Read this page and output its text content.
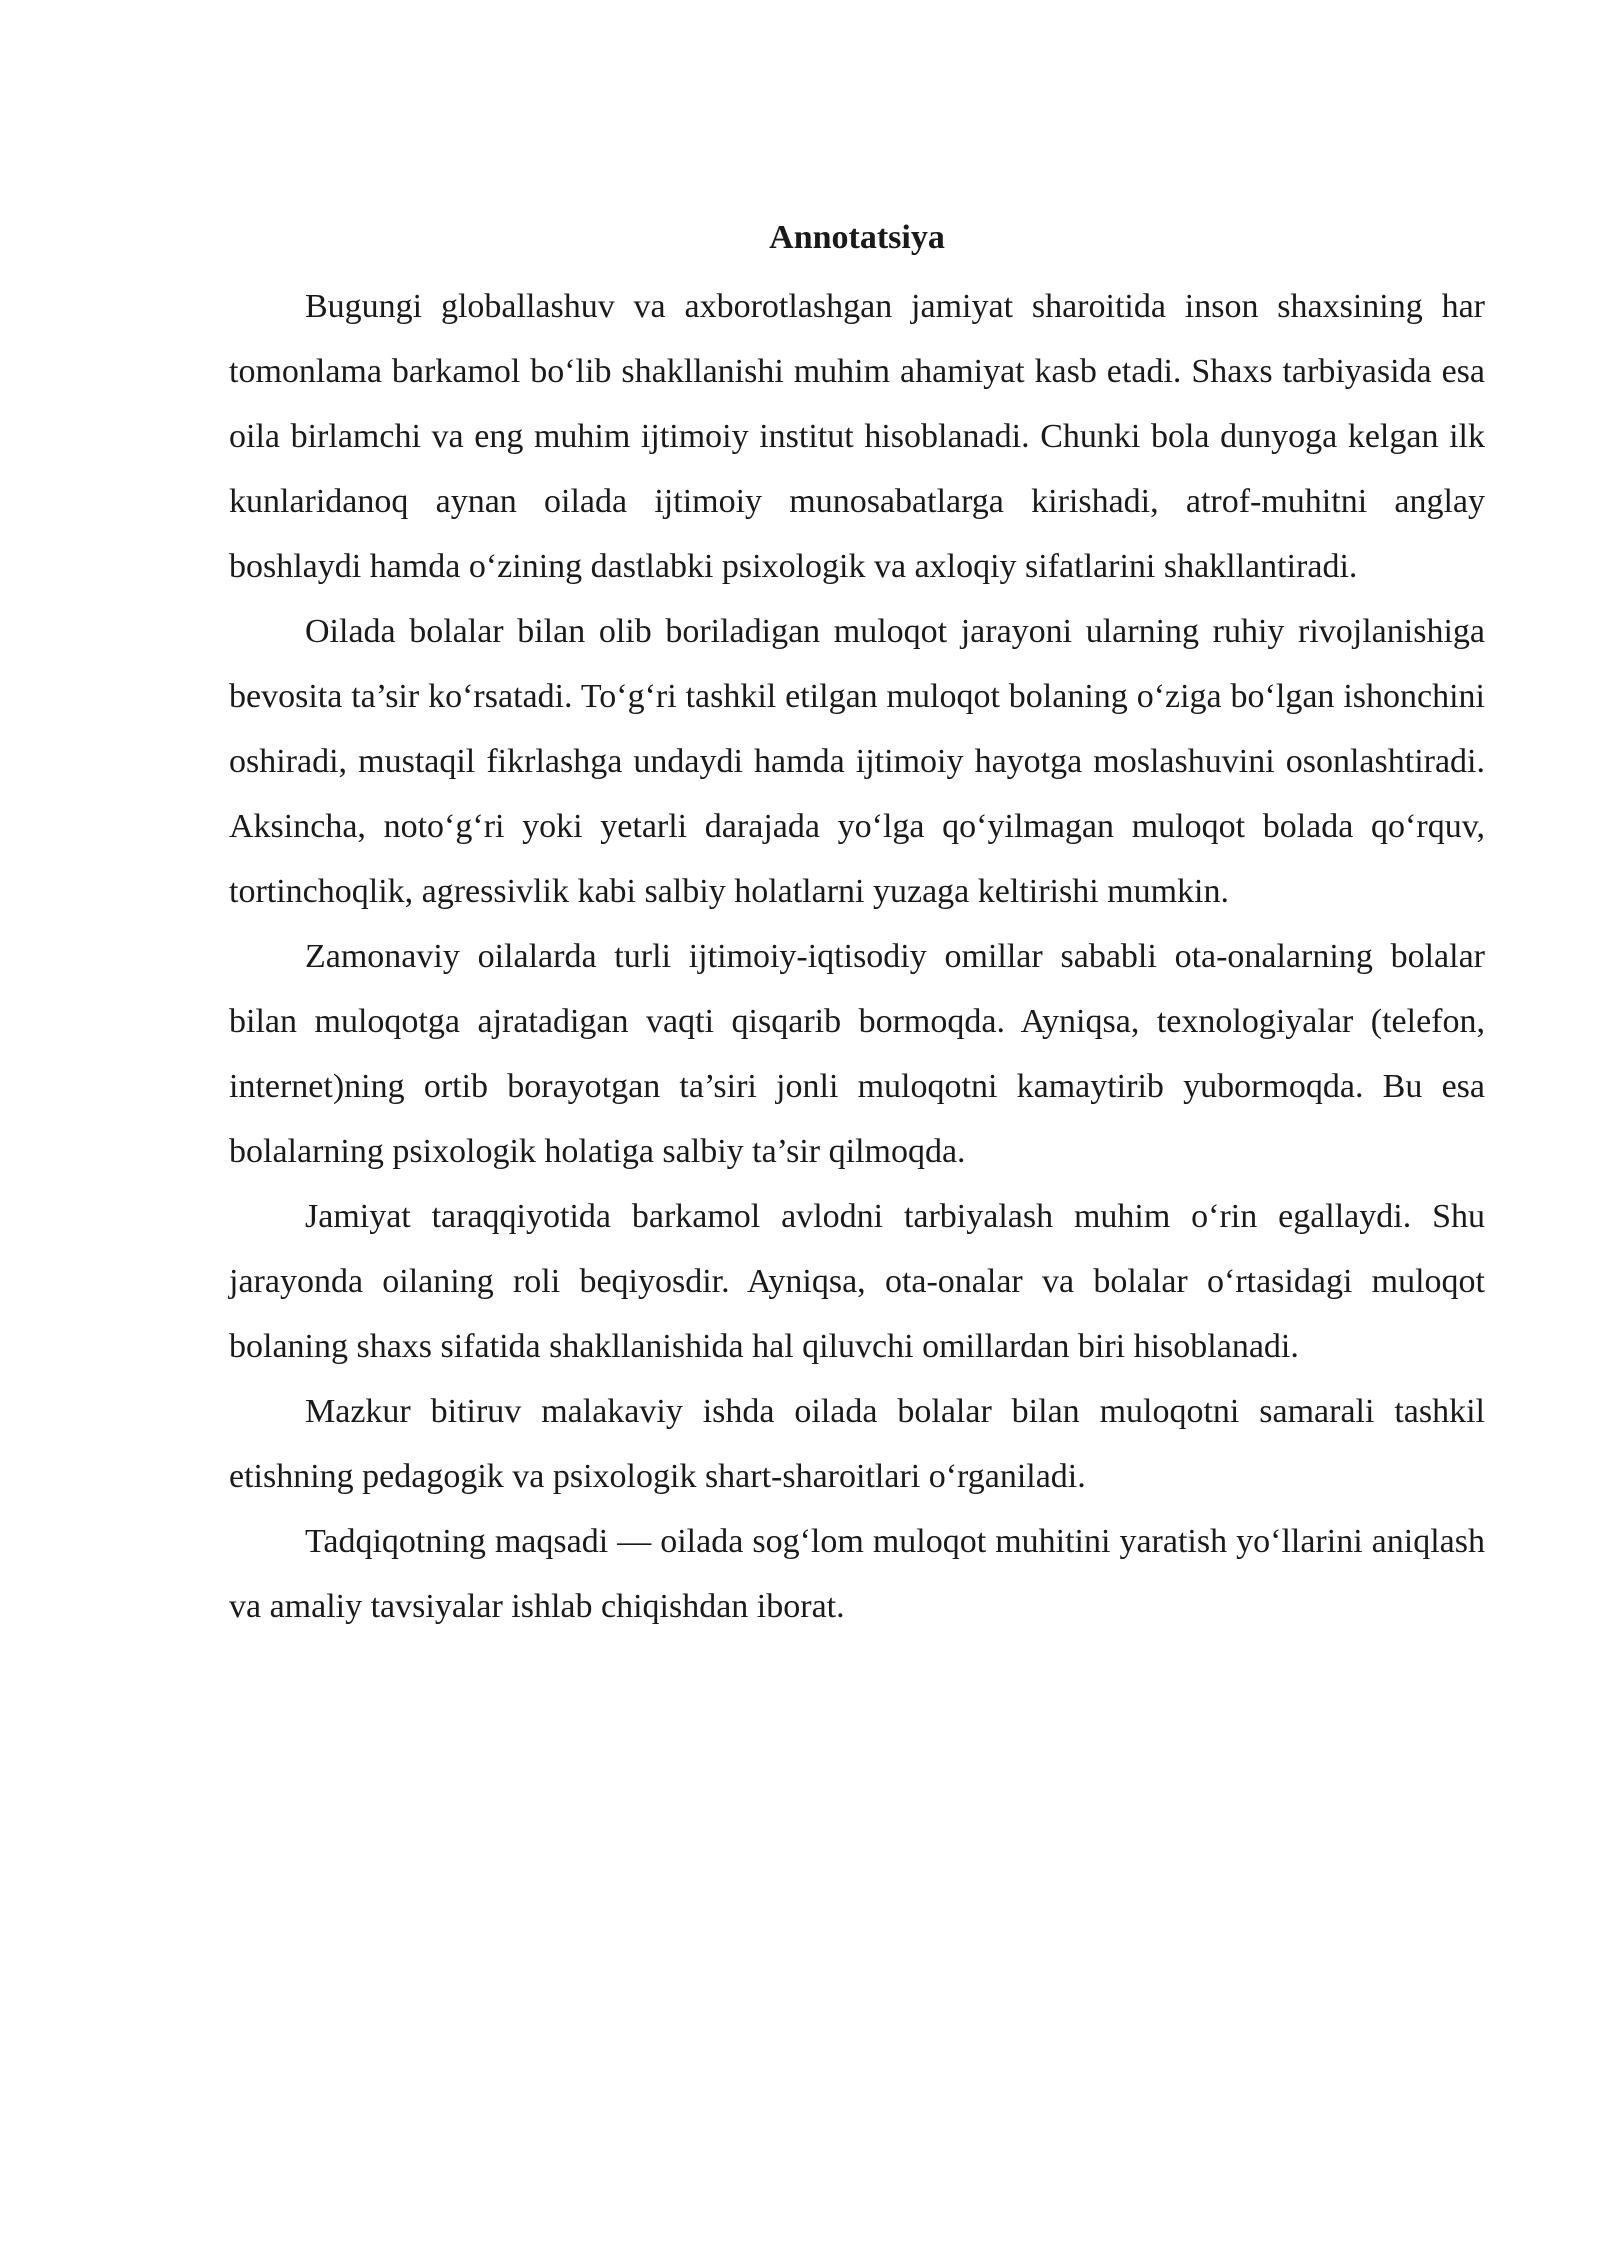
Annotatsiya

Bugungi globallashuv va axborotlashgan jamiyat sharoitida inson shaxsining har tomonlama barkamol bo‘lib shakllanishi muhim ahamiyat kasb etadi. Shaxs tarbiyasida esa oila birlamchi va eng muhim ijtimoiy institut hisoblanadi. Chunki bola dunyoga kelgan ilk kunlaridanoq aynan oilada ijtimoiy munosabatlarga kirishadi, atrof-muhitni anglay boshlaydi hamda o‘zining dastlabki psixologik va axloqiy sifatlarini shakllantiradi.

Oilada bolalar bilan olib boriladigan muloqot jarayoni ularning ruhiy rivojlanishiga bevosita ta’sir ko‘rsatadi. To‘g‘ri tashkil etilgan muloqot bolaning o‘ziga bo‘lgan ishonchini oshiradi, mustaqil fikrlashga undaydi hamda ijtimoiy hayotga moslashuvini osonlashtiradi. Aksincha, noto‘g‘ri yoki yetarli darajada yo‘lga qo‘yilmagan muloqot bolada qo‘rquv, tortinchoqlik, agressivlik kabi salbiy holatlarni yuzaga keltirishi mumkin.

Zamonaviy oilalarda turli ijtimoiy-iqtisodiy omillar sababli ota-onalarning bolalar bilan muloqotga ajratadigan vaqti qisqarib bormoqda. Ayniqsa, texnologiyalar (telefon, internet)ning ortib borayotgan ta’siri jonli muloqotni kamaytirib yubormoqda. Bu esa bolalarning psixologik holatiga salbiy ta’sir qilmoqda.

Jamiyat taraqqiyotida barkamol avlodni tarbiyalash muhim o‘rin egallaydi. Shu jarayonda oilaning roli beqiyosdir. Ayniqsa, ota-onalar va bolalar o‘rtasidagi muloqot bolaning shaxs sifatida shakllanishida hal qiluvchi omillardan biri hisoblanadi.

Mazkur bitiruv malakaviy ishda oilada bolalar bilan muloqotni samarali tashkil etishning pedagogik va psixologik shart-sharoitlari o‘rganiladi.

Tadqiqotning maqsadi — oilada sog‘lom muloqot muhitini yaratish yo‘llarini aniqlash va amaliy tavsiyalar ishlab chiqishdan iborat.
